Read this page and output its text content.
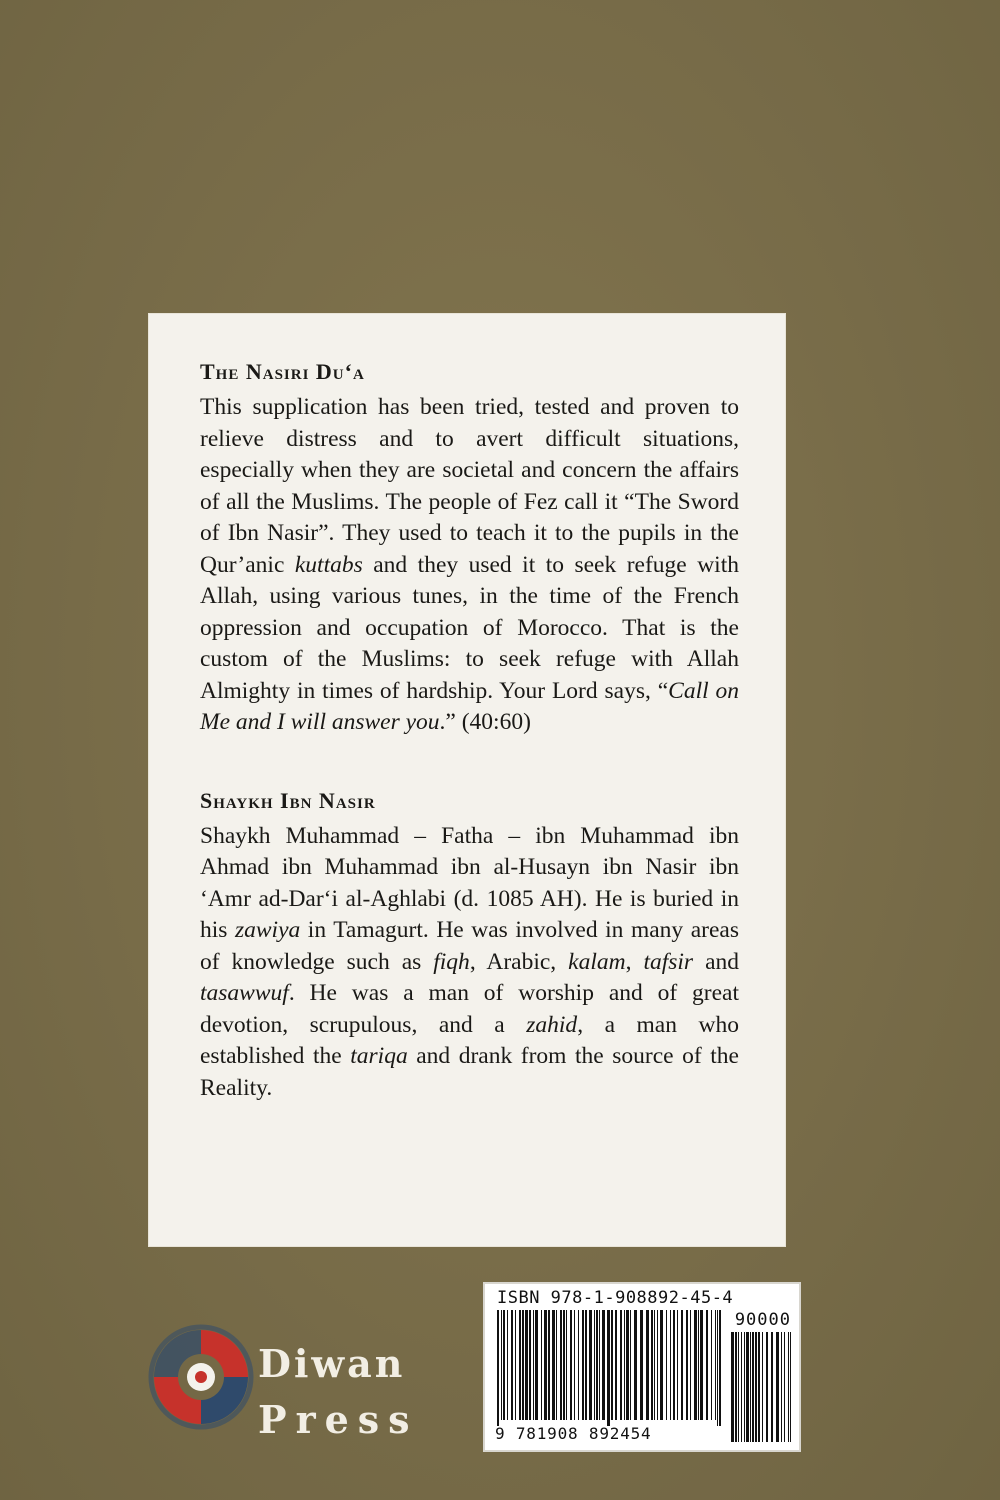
The Nasiri Du‘a

This supplication has been tried, tested and proven to relieve distress and to avert difficult situations, especially when they are societal and concern the affairs of all the Muslims. The people of Fez call it “The Sword of Ibn Nasir”. They used to teach it to the pupils in the Qur’anic kuttabs and they used it to seek refuge with Allah, using various tunes, in the time of the French oppression and occupation of Morocco. That is the custom of the Muslims: to seek refuge with Allah Almighty in times of hardship. Your Lord says, “Call on Me and I will answer you.” (40:60)

Shaykh Ibn Nasir

Shaykh Muhammad – Fatha – ibn Muhammad ibn Ahmad ibn Muhammad ibn al-Husayn ibn Nasir ibn ‘Amr ad-Dar‘i al-Aghlabi (d. 1085 AH). He is buried in his zawiya in Tamagurt. He was involved in many areas of knowledge such as fiqh, Arabic, kalam, tafsir and tasawwuf. He was a man of worship and of great devotion, scrupulous, and a zahid, a man who established the tariqa and drank from the source of the Reality.

Diwan
Press
ISBN 978-1-908892-45-4
90000
9 781908 892454
